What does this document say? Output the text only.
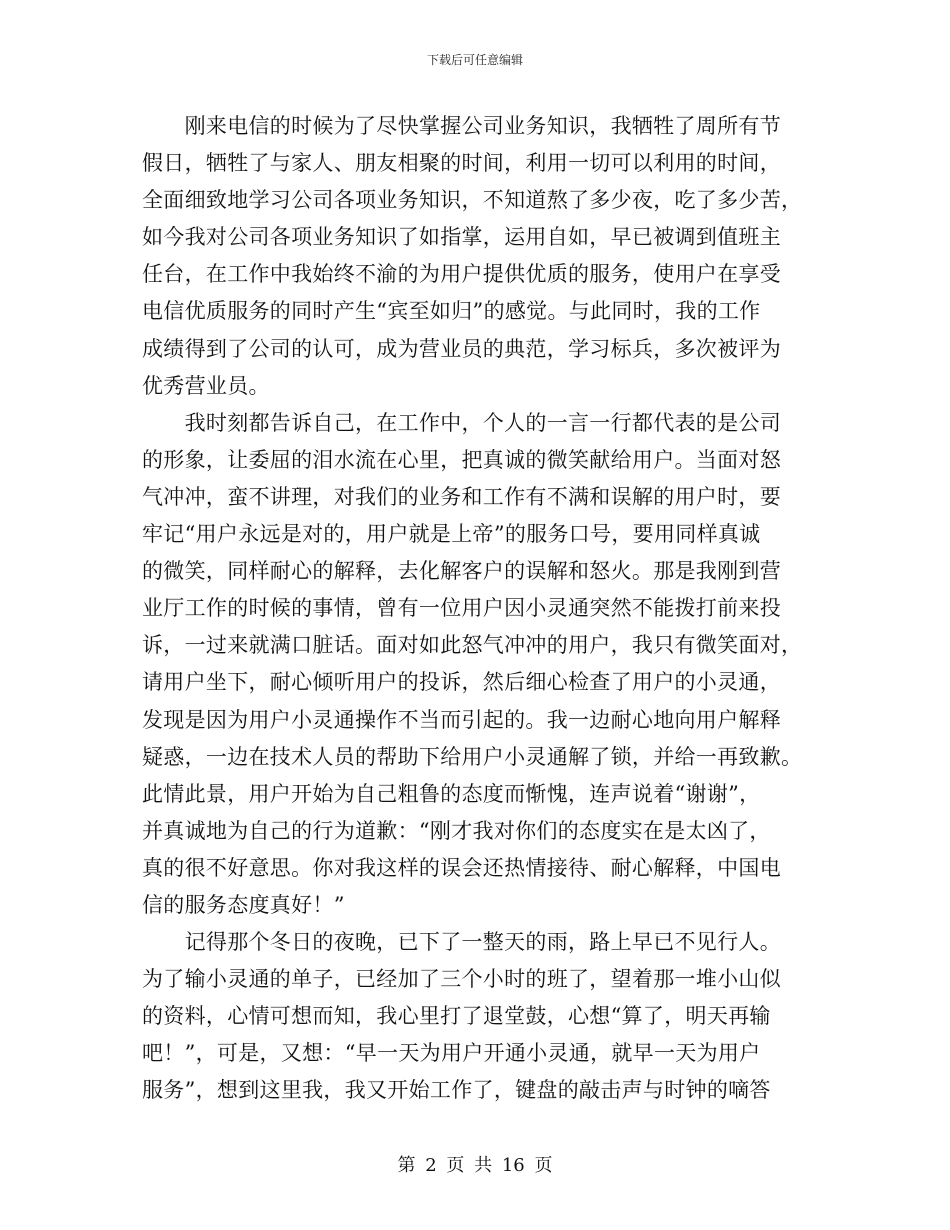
下载后可任意编辑
　　刚来电信的时候为了尽快掌握公司业务知识，我牺牲了周所有节
假日，牺牲了与家人、朋友相聚的时间，利用一切可以利用的时间，
全面细致地学习公司各项业务知识，不知道熬了多少夜，吃了多少苦，
如今我对公司各项业务知识了如指掌，运用自如，早已被调到值班主
任台，在工作中我始终不渝的为用户提供优质的服务，使用户在享受
电信优质服务的同时产生“宾至如归”的感觉。与此同时，我的工作
成绩得到了公司的认可，成为营业员的典范，学习标兵，多次被评为
优秀营业员。
　　我时刻都告诉自己，在工作中，个人的一言一行都代表的是公司
的形象，让委屈的泪水流在心里，把真诚的微笑献给用户。当面对怒
气冲冲，蛮不讲理，对我们的业务和工作有不满和误解的用户时，要
牢记“用户永远是对的，用户就是上帝”的服务口号，要用同样真诚
的微笑，同样耐心的解释，去化解客户的误解和怒火。那是我刚到营
业厅工作的时候的事情，曾有一位用户因小灵通突然不能拨打前来投
诉，一过来就满口脏话。面对如此怒气冲冲的用户，我只有微笑面对，
请用户坐下，耐心倾听用户的投诉，然后细心检查了用户的小灵通，
发现是因为用户小灵通操作不当而引起的。我一边耐心地向用户解释
疑惑，一边在技术人员的帮助下给用户小灵通解了锁，并给一再致歉。
此情此景，用户开始为自己粗鲁的态度而惭愧，连声说着“谢谢”，
并真诚地为自己的行为道歉：“刚才我对你们的态度实在是太凶了，
真的很不好意思。你对我这样的误会还热情接待、耐心解释，中国电
信的服务态度真好！”
　　记得那个冬日的夜晚，已下了一整天的雨，路上早已不见行人。
为了输小灵通的单子，已经加了三个小时的班了，望着那一堆小山似
的资料，心情可想而知，我心里打了退堂鼓，心想“算了，明天再输
吧！”，可是，又想：“早一天为用户开通小灵通，就早一天为用户
服务”，想到这里我，我又开始工作了，键盘的敲击声与时钟的嘀答
第 2 页 共 16 页
